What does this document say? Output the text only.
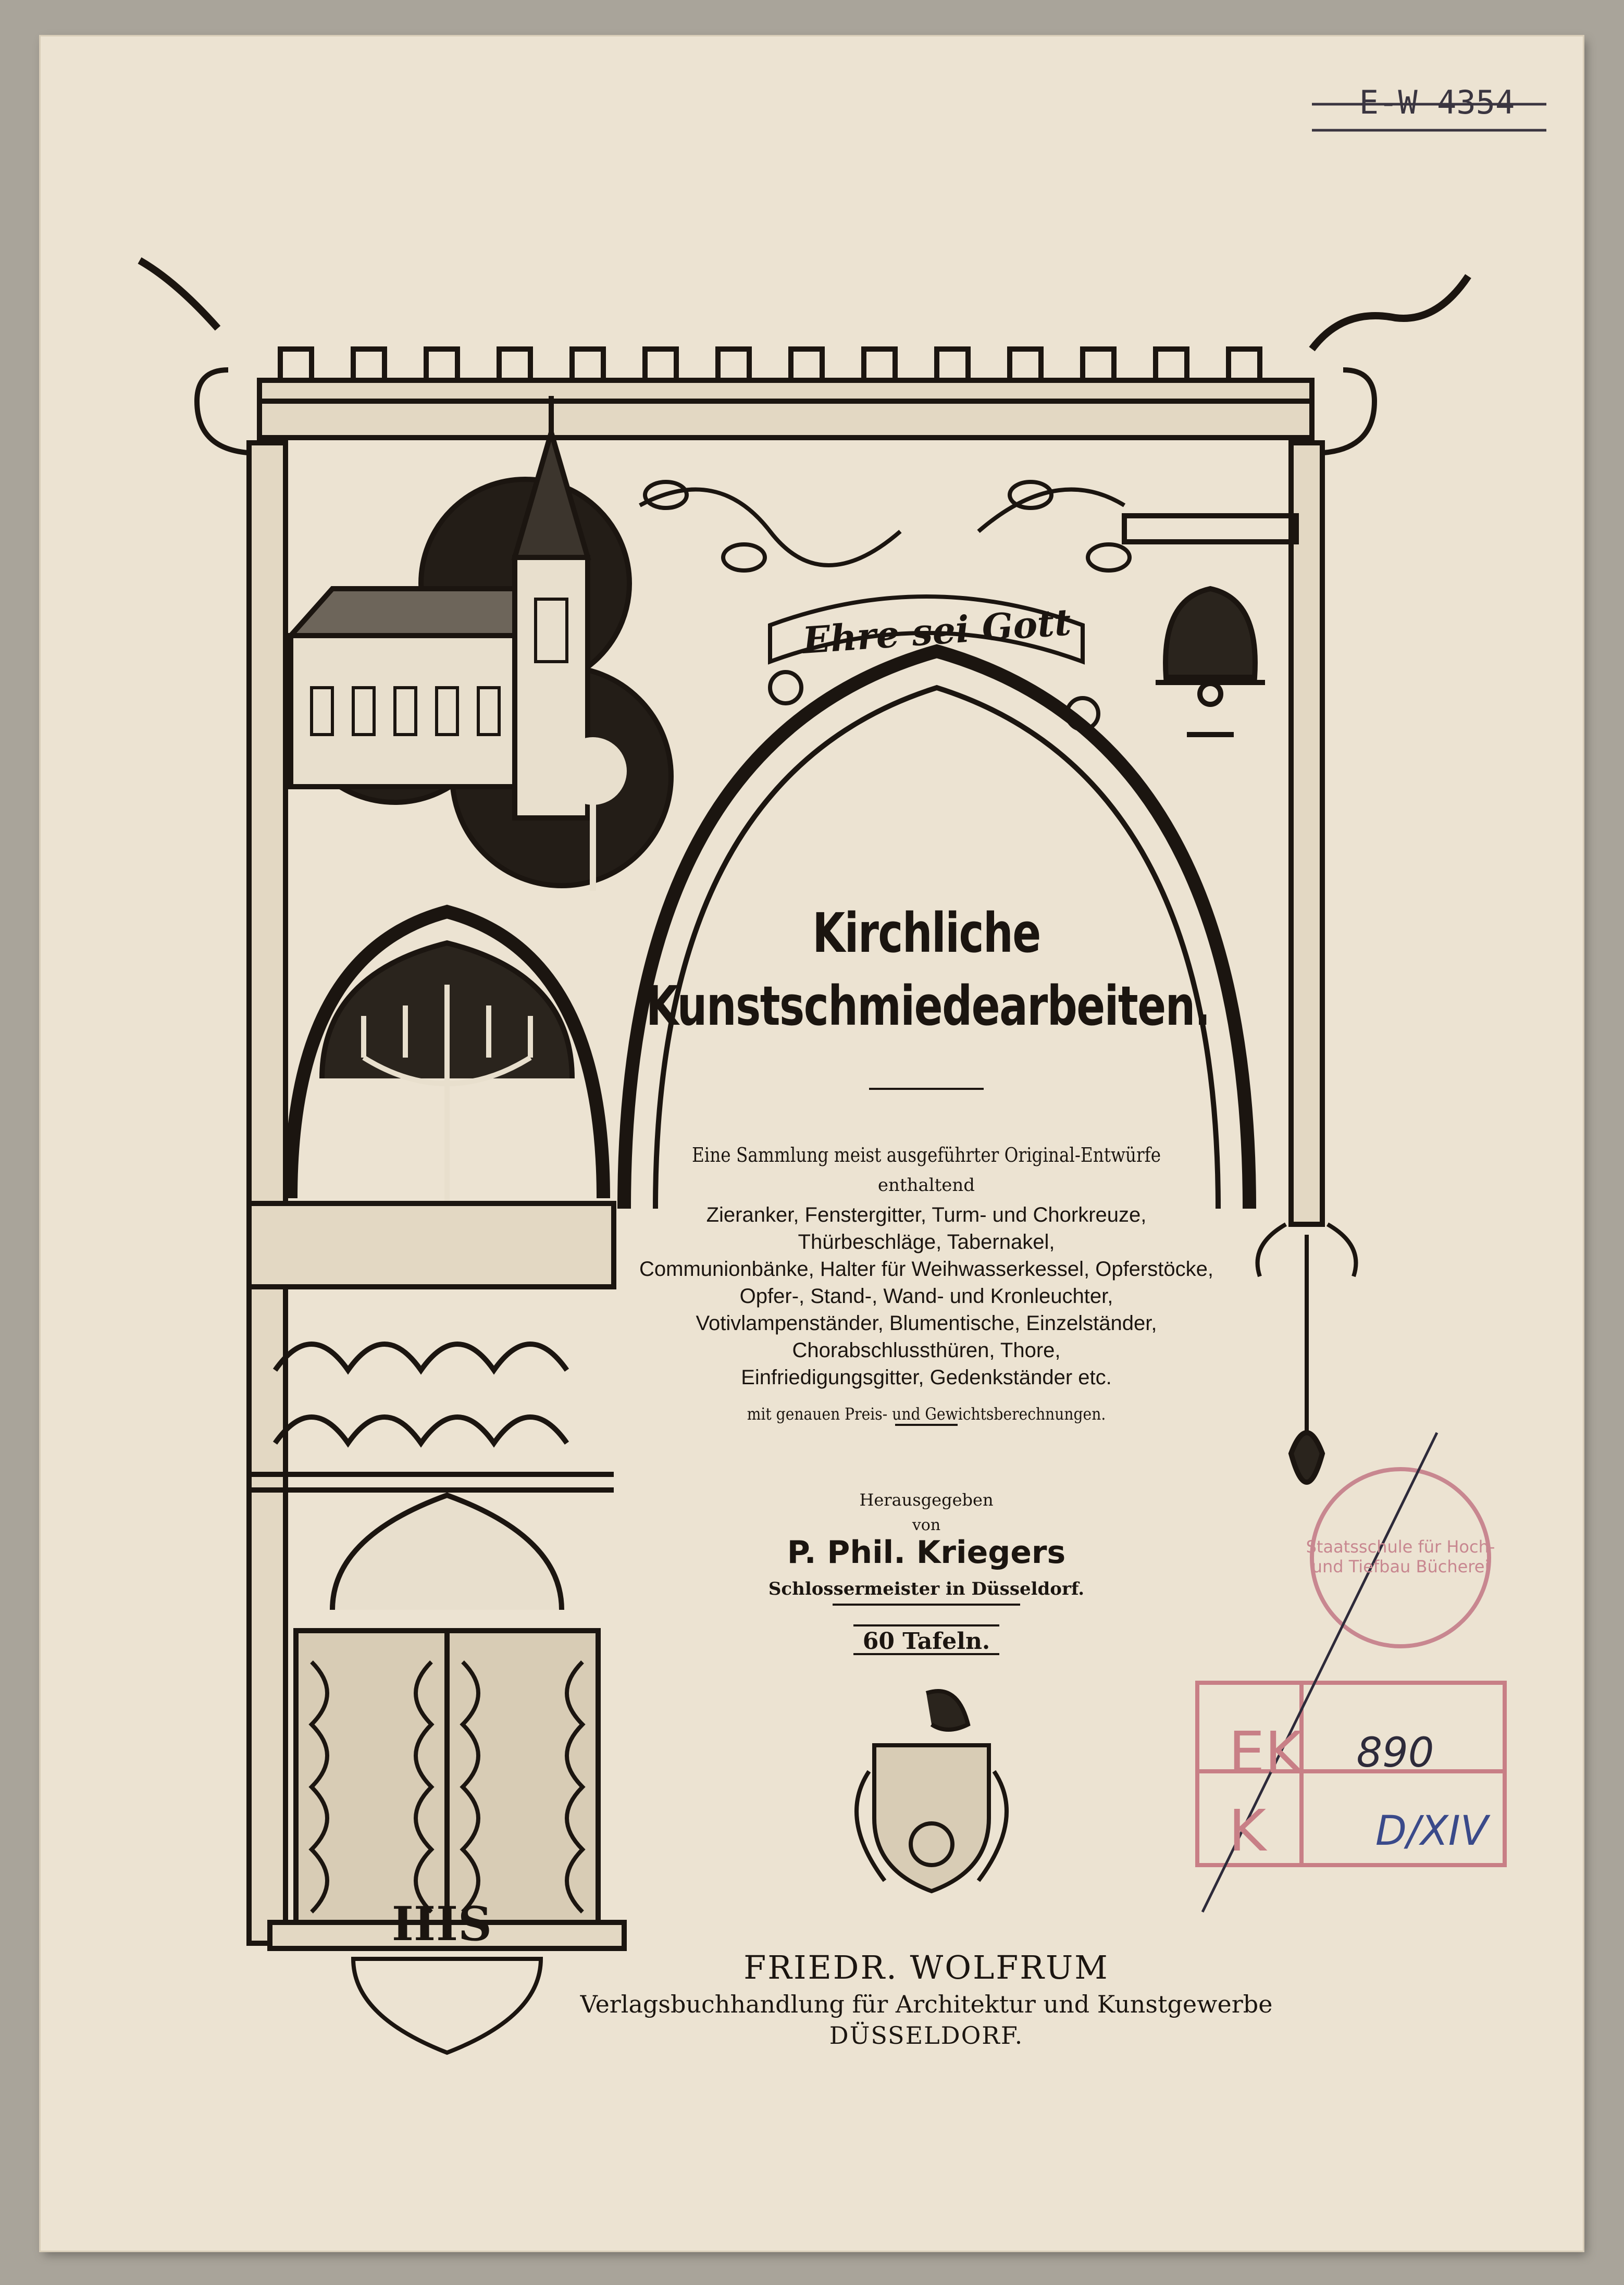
E-W 4354
Ehre sei Gott
Kirchliche
Kunstschmiedearbeiten.
Eine Sammlung meist ausgeführter Original-Entwürfe
enthaltend
Zieranker, Fenstergitter, Turm- und Chorkreuze,
Thürbeschläge, Tabernakel,
Communionbänke, Halter für Weihwasserkessel, Opferstöcke,
Opfer-, Stand-, Wand- und Kronleuchter,
Votivlampenständer, Blumentische, Einzelständer,
Chorabschlussthüren, Thore,
Einfriedigungsgitter, Gedenkständer etc.
mit genauen Preis- und Gewichtsberechnungen.
Herausgegeben
von
P. Phil. Kriegers
Schlossermeister in Düsseldorf.
60 Tafeln.
FRIEDR. WOLFRUM
Verlagsbuchhandlung für Architektur und Kunstgewerbe
DÜSSELDORF.
IHS
Staatsschule für Hoch- und Tiefbau Bücherei
EK
K
890
D/XIV
